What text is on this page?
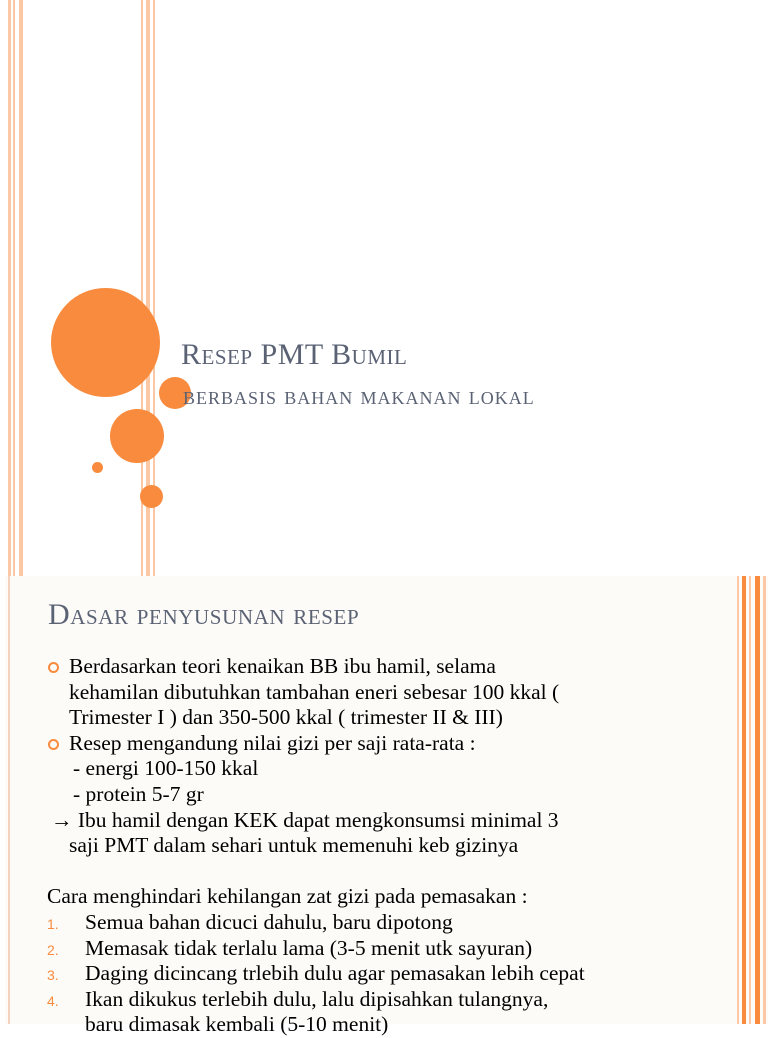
Resep PMT Bumil
berbasis bahan makanan lokal
Dasar penyusunan resep
Berdasarkan teori kenaikan BB ibu hamil, selama
kehamilan dibutuhkan tambahan eneri sebesar 100 kkal (
Trimester I ) dan 350-500 kkal ( trimester II & III)
Resep mengandung nilai gizi per saji rata-rata :
- energi 100-150 kkal
- protein 5-7 gr
→ Ibu hamil dengan KEK dapat mengkonsumsi minimal 3
saji PMT dalam sehari untuk memenuhi keb gizinya
Cara menghindari kehilangan zat gizi pada pemasakan :
1. Semua bahan dicuci dahulu, baru dipotong
2. Memasak tidak terlalu lama (3-5 menit utk sayuran)
3. Daging dicincang trlebih dulu agar pemasakan lebih cepat
4. Ikan dikukus terlebih dulu, lalu dipisahkan tulangnya,
baru dimasak kembali (5-10 menit)
